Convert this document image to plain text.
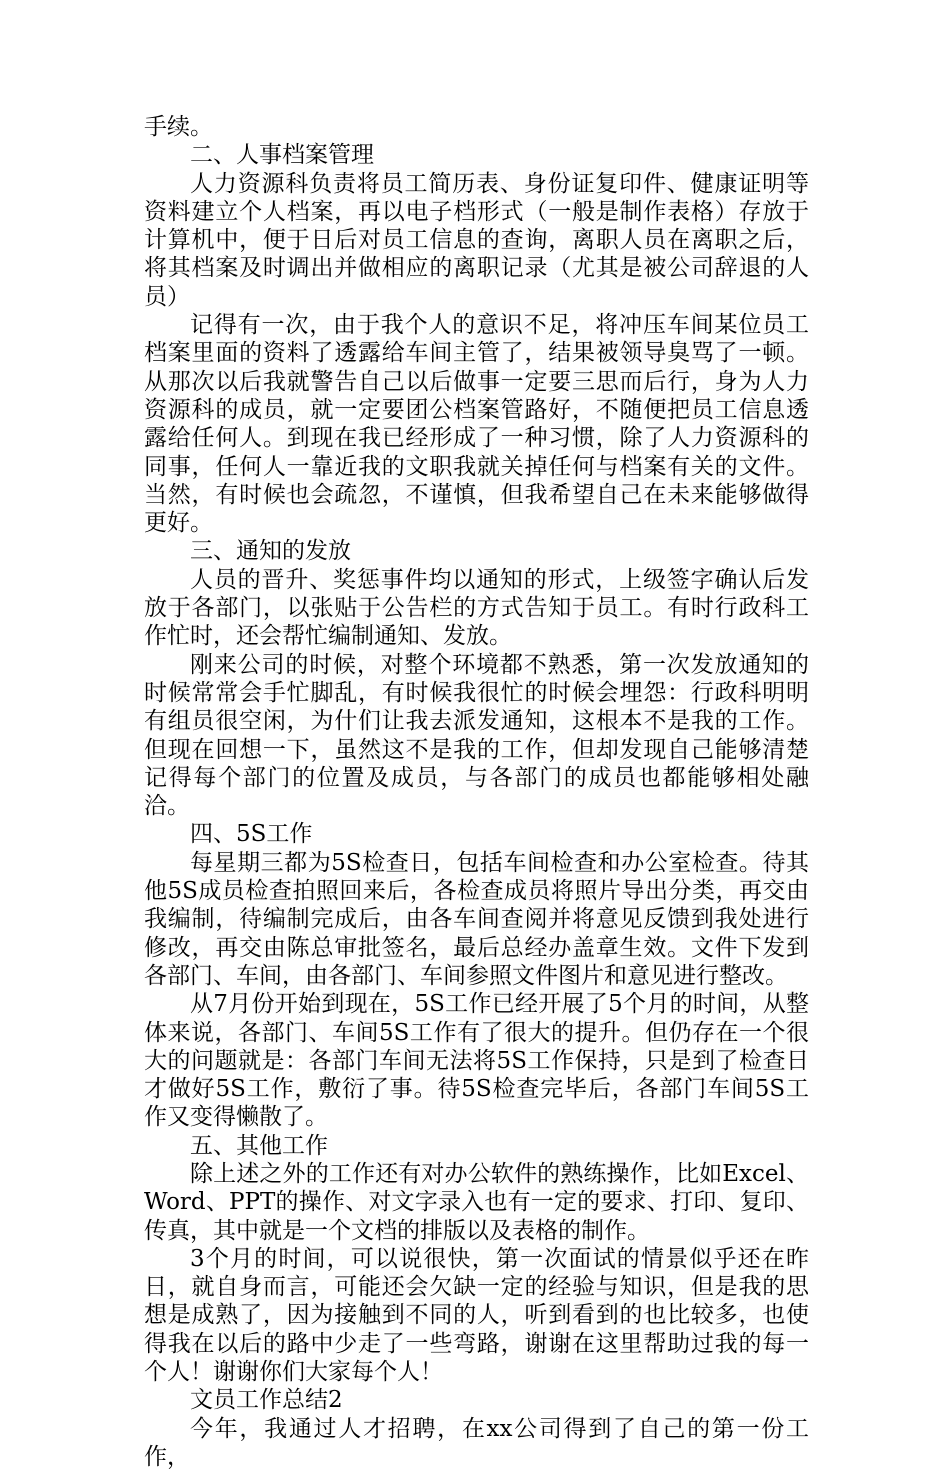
手续。

二、人事档案管理

人力资源科负责将员工简历表、身份证复印件、健康证明等资料建立个人档案，再以电子档形式（一般是制作表格）存放于计算机中，便于日后对员工信息的查询，离职人员在离职之后，将其档案及时调出并做相应的离职记录（尤其是被公司辞退的人员）

记得有一次，由于我个人的意识不足，将冲压车间某位员工档案里面的资料了透露给车间主管了，结果被领导臭骂了一顿。从那次以后我就警告自己以后做事一定要三思而后行，身为人力资源科的成员，就一定要团公档案管路好，不随便把员工信息透露给任何人。到现在我已经形成了一种习惯，除了人力资源科的同事，任何人一靠近我的文职我就关掉任何与档案有关的文件。当然，有时候也会疏忽，不谨慎，但我希望自己在未来能够做得更好。

三、通知的发放

人员的晋升、奖惩事件均以通知的形式，上级签字确认后发放于各部门，以张贴于公告栏的方式告知于员工。有时行政科工作忙时，还会帮忙编制通知、发放。

刚来公司的时候，对整个环境都不熟悉，第一次发放通知的时候常常会手忙脚乱，有时候我很忙的时候会埋怨：行政科明明有组员很空闲，为什们让我去派发通知，这根本不是我的工作。但现在回想一下，虽然这不是我的工作，但却发现自己能够清楚记得每个部门的位置及成员，与各部门的成员也都能够相处融洽。

四、5S工作

每星期三都为5S检查日，包括车间检查和办公室检查。待其他5S成员检查拍照回来后，各检查成员将照片导出分类，再交由我编制，待编制完成后，由各车间查阅并将意见反馈到我处进行修改，再交由陈总审批签名，最后总经办盖章生效。文件下发到各部门、车间，由各部门、车间参照文件图片和意见进行整改。

从7月份开始到现在，5S工作已经开展了5个月的时间，从整体来说，各部门、车间5S工作有了很大的提升。但仍存在一个很大的问题就是：各部门车间无法将5S工作保持，只是到了检查日才做好5S工作，敷衍了事。待5S检查完毕后，各部门车间5S工作又变得懒散了。

五、其他工作

除上述之外的工作还有对办公软件的熟练操作，比如Excel、Word、PPT的操作、对文字录入也有一定的要求、打印、复印、传真，其中就是一个文档的排版以及表格的制作。

3个月的时间，可以说很快，第一次面试的情景似乎还在昨日，就自身而言，可能还会欠缺一定的经验与知识，但是我的思想是成熟了，因为接触到不同的人，听到看到的也比较多，也使得我在以后的路中少走了一些弯路，谢谢在这里帮助过我的每一个人！谢谢你们大家每个人！

文员工作总结2

今年，我通过人才招聘，在xx公司得到了自己的第一份工作，
